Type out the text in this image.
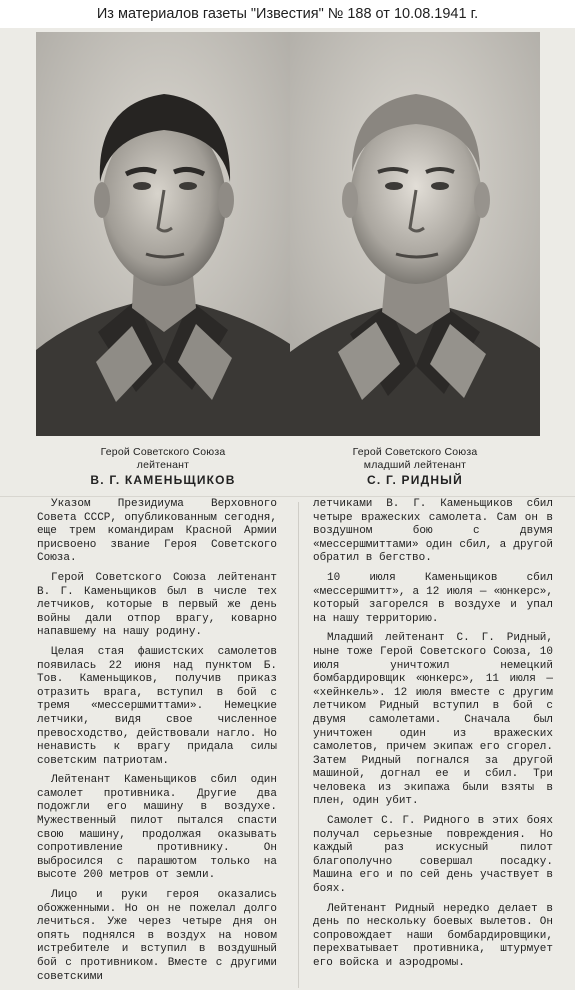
Из материалов газеты "Известия" № 188 от 10.08.1941 г.
Герой Советского Союза
лейтенант
В. Г. КАМЕНЬЩИКОВ
Герой Советского Союза
младший лейтенант
С. Г. РИДНЫЙ

Указом Президиума Верховного Совета СССР, опубликованным сегодня, еще трем командирам Красной Армии присвоено звание Героя Советского Союза.

Герой Советского Союза лейтенант В. Г. Каменьщиков был в числе тех летчиков, которые в первый же день войны дали отпор врагу, коварно напавшему на нашу родину.

Целая стая фашистских самолетов появилась 22 июня над пунктом Б. Тов. Каменьщиков, получив приказ отразить врага, вступил в бой с тремя «мессершмиттами». Немецкие летчики, видя свое численное превосходство, действовали нагло. Но ненависть к врагу придала силы советским патриотам.

Лейтенант Каменьщиков сбил один самолет противника. Другие два подожгли его машину в воздухе. Мужественный пилот пытался спасти свою машину, продолжая оказывать сопротивление противнику. Он выбросился с парашютом только на высоте 200 метров от земли.

Лицо и руки героя оказались обожженными. Но он не пожелал долго лечиться. Уже через четыре дня он опять поднялся в воздух на новом истребителе и вступил в воздушный бой с противником. Вместе с другими советскими

летчиками В. Г. Каменьщиков сбил четыре вражеских самолета. Сам он в воздушном бою с двумя «мессершмиттами» один сбил, а другой обратил в бегство.

10 июля Каменьщиков сбил «мессершмитт», а 12 июля — «юнкерс», который загорелся в воздухе и упал на нашу территорию.

Младший лейтенант С. Г. Ридный, ныне тоже Герой Советского Союза, 10 июля уничтожил немецкий бомбардировщик «юнкерс», 11 июля — «хейнкель». 12 июля вместе с другим летчиком Ридный вступил в бой с двумя самолетами. Сначала был уничтожен один из вражеских самолетов, причем экипаж его сгорел. Затем Ридный погнался за другой машиной, догнал ее и сбил. Три человека из экипажа были взяты в плен, один убит.

Самолет С. Г. Ридного в этих боях получал серьезные повреждения. Но каждый раз искусный пилот благополучно совершал посадку. Машина его и по сей день участвует в боях.

Лейтенант Ридный нередко делает в день по нескольку боевых вылетов. Он сопровождает наши бомбардировщики, перехватывает противника, штурмует его войска и аэродромы.
